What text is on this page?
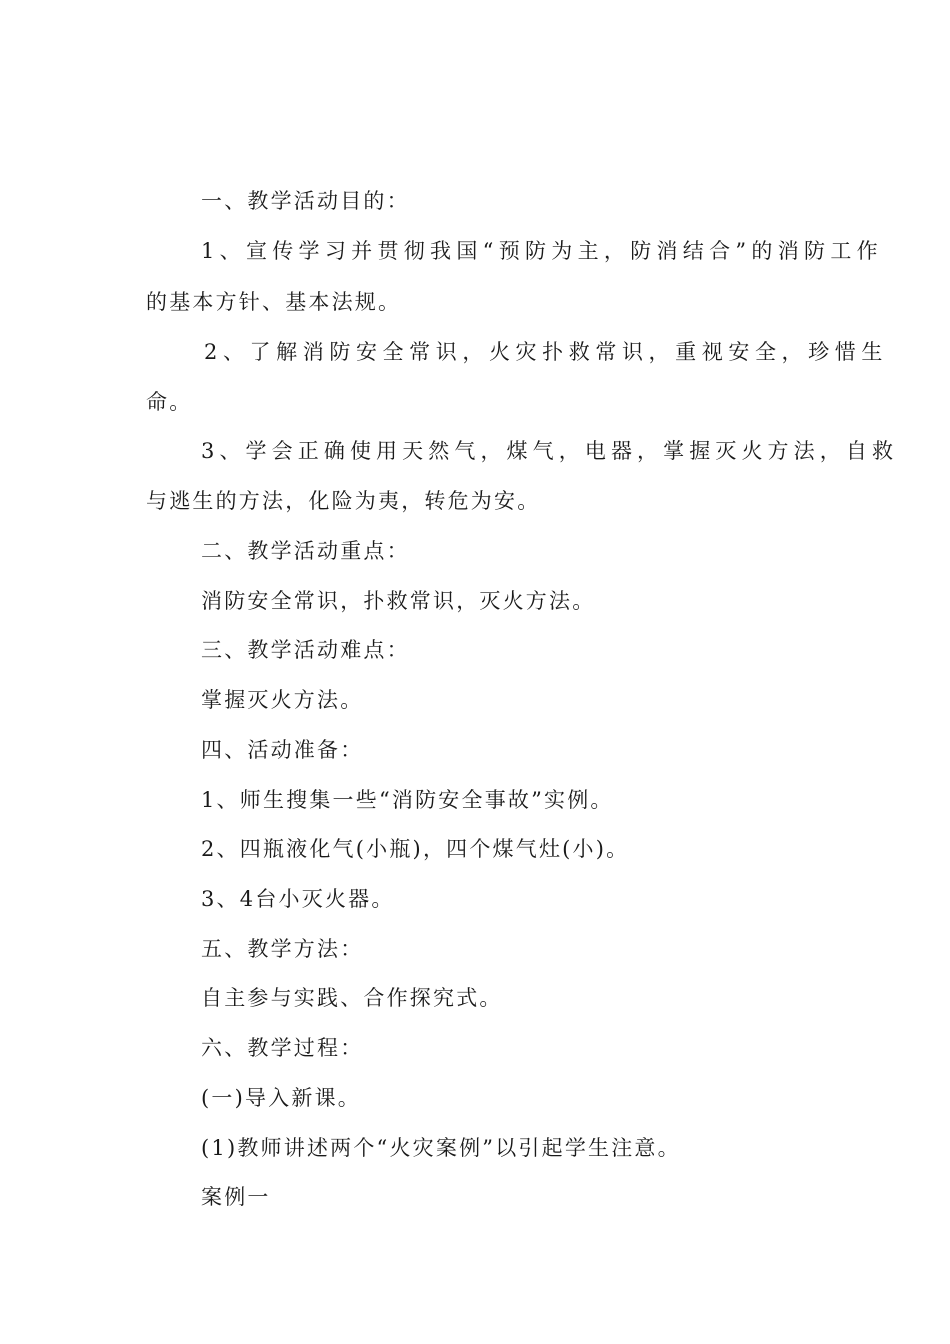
一、教学活动目的：
1、宣传学习并贯彻我国“预防为主，防消结合”的消防工作
的基本方针、基本法规。
2、了解消防安全常识，火灾扑救常识，重视安全，珍惜生
命。
3、学会正确使用天然气，煤气，电器，掌握灭火方法，自救
与逃生的方法，化险为夷，转危为安。
二、教学活动重点：
消防安全常识，扑救常识，灭火方法。
三、教学活动难点：
掌握灭火方法。
四、活动准备：
1、师生搜集一些“消防安全事故”实例。
2、四瓶液化气(小瓶)，四个煤气灶(小)。
3、4台小灭火器。
五、教学方法：
自主参与实践、合作探究式。
六、教学过程：
(一)导入新课。
(1)教师讲述两个“火灾案例”以引起学生注意。
案例一
